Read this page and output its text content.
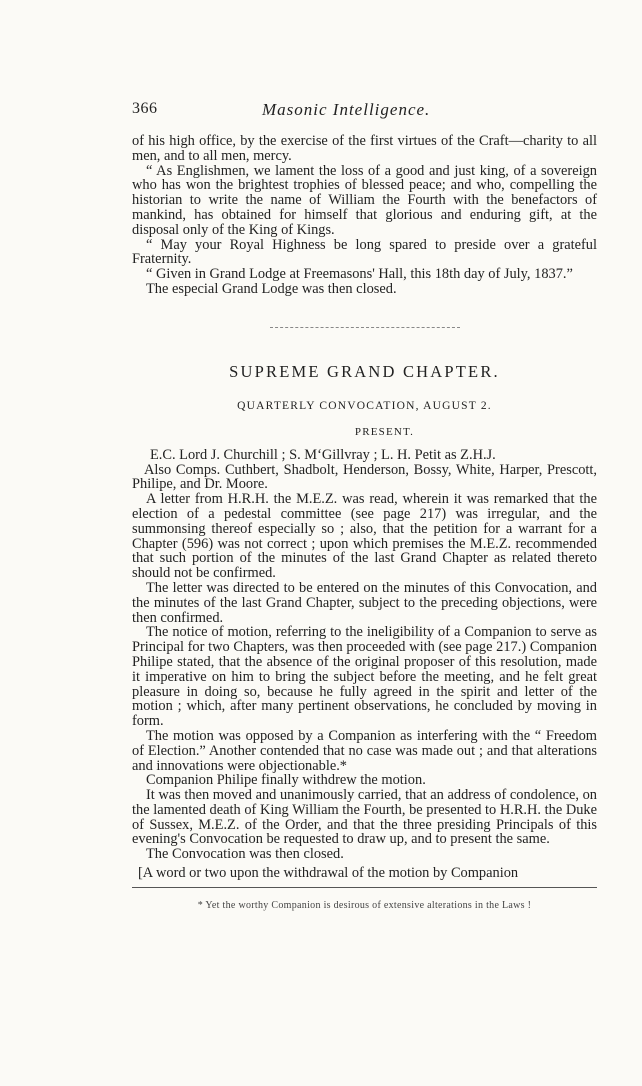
366	Masonic Intelligence.

of his high office, by the exercise of the first virtues of the Craft—charity to all men, and to all men, mercy.

“ As Englishmen, we lament the loss of a good and just king, of a sovereign who has won the brightest trophies of blessed peace; and who, compelling the historian to write the name of William the Fourth with the benefactors of mankind, has obtained for himself that glorious and enduring gift, at the disposal only of the King of Kings.

“ May your Royal Highness be long spared to preside over a grateful Fraternity.

“ Given in Grand Lodge at Freemasons' Hall, this 18th day of July, 1837.”

The especial Grand Lodge was then closed.

SUPREME GRAND CHAPTER.
QUARTERLY CONVOCATION, AUGUST 2.
PRESENT.

E.C. Lord J. Churchill ; S. M‘Gillvray ; L. H. Petit as Z.H.J.

Also Comps. Cuthbert, Shadbolt, Henderson, Bossy, White, Harper, Prescott, Philipe, and Dr. Moore.

A letter from H.R.H. the M.E.Z. was read, wherein it was remarked that the election of a pedestal committee (see page 217) was irregular, and the summonsing thereof especially so ; also, that the petition for a warrant for a Chapter (596) was not correct ; upon which premises the M.E.Z. recommended that such portion of the minutes of the last Grand Chapter as related thereto should not be confirmed.

The letter was directed to be entered on the minutes of this Convocation, and the minutes of the last Grand Chapter, subject to the preceding objections, were then confirmed.

The notice of motion, referring to the ineligibility of a Companion to serve as Principal for two Chapters, was then proceeded with (see page 217.) Companion Philipe stated, that the absence of the original proposer of this resolution, made it imperative on him to bring the subject before the meeting, and he felt great pleasure in doing so, because he fully agreed in the spirit and letter of the motion ; which, after many pertinent observations, he concluded by moving in form.

The motion was opposed by a Companion as interfering with the “ Freedom of Election.” Another contended that no case was made out ; and that alterations and innovations were objectionable.*

Companion Philipe finally withdrew the motion.

It was then moved and unanimously carried, that an address of condolence, on the lamented death of King William the Fourth, be presented to H.R.H. the Duke of Sussex, M.E.Z. of the Order, and that the three presiding Principals of this evening's Convocation be requested to draw up, and to present the same.

The Convocation was then closed.

[A word or two upon the withdrawal of the motion by Companion

* Yet the worthy Companion is desirous of extensive alterations in the Laws !
